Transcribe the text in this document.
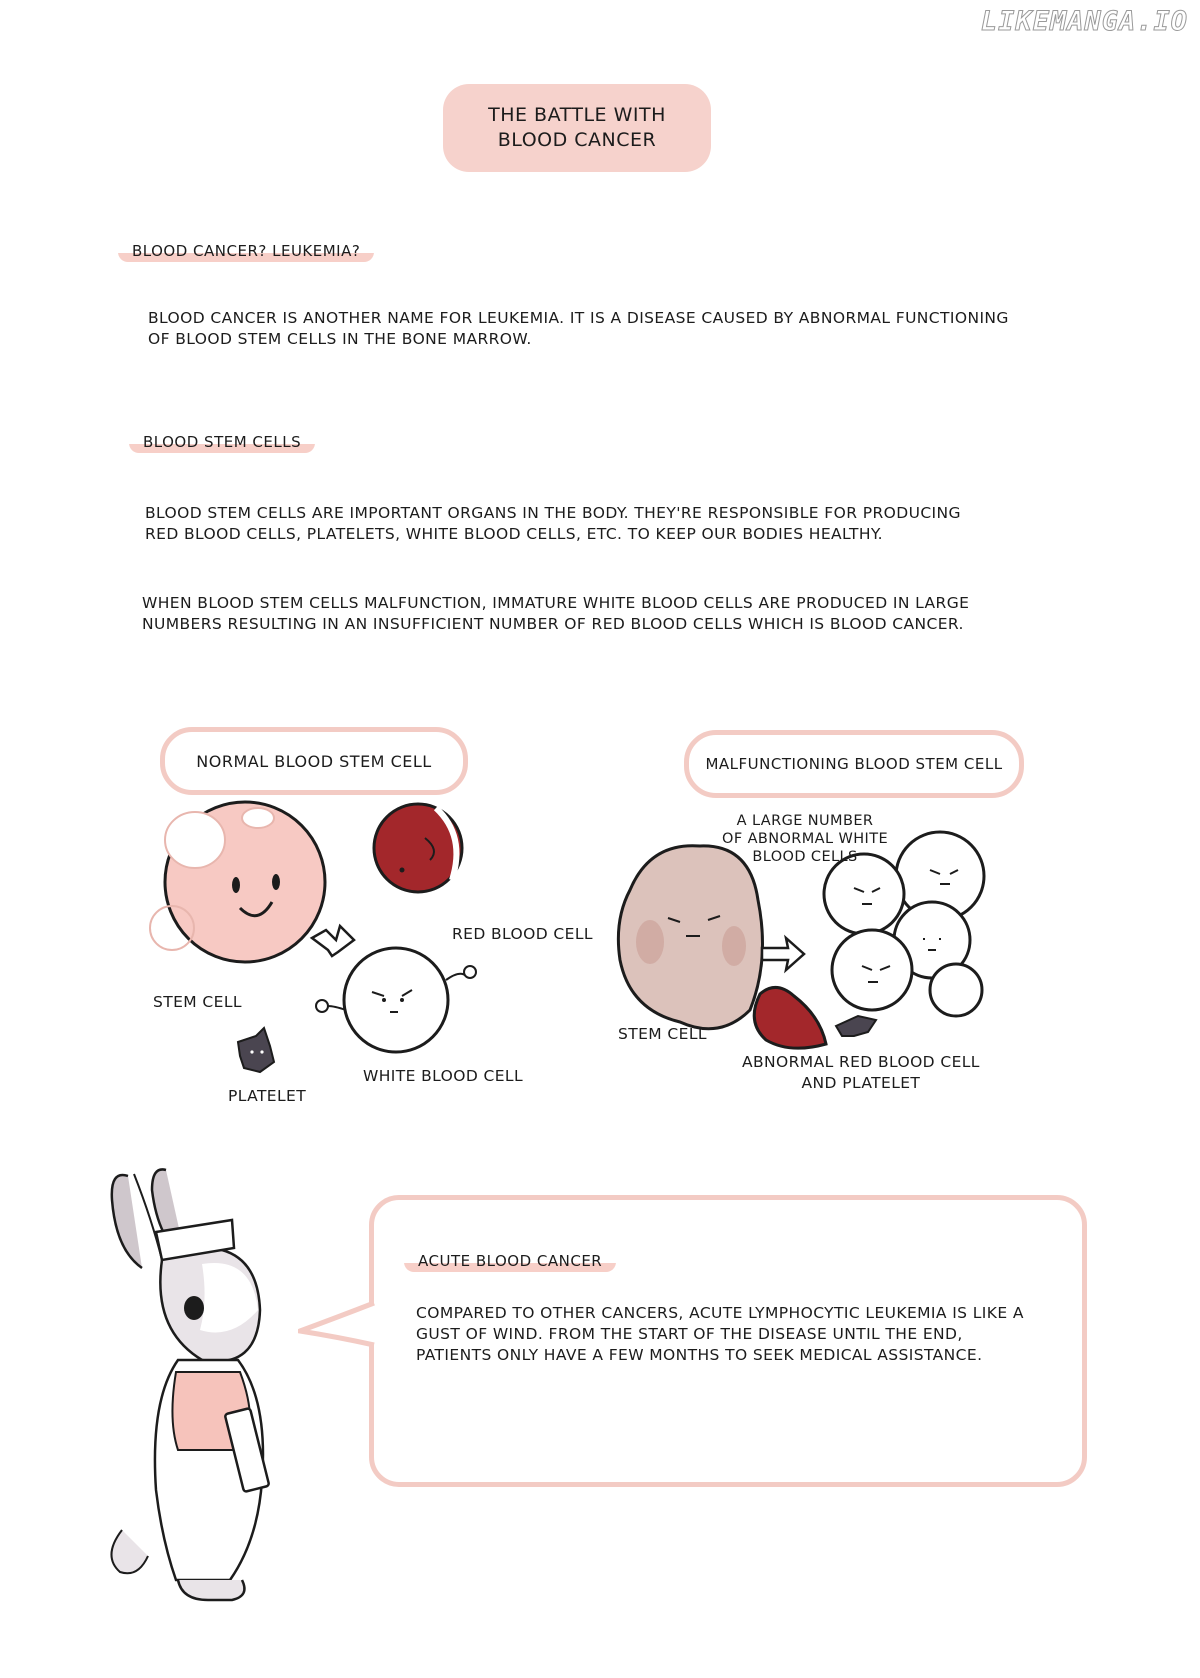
LIKEMANGA.IO
THE BATTLE WITH
BLOOD CANCER
BLOOD CANCER? LEUKEMIA?

BLOOD CANCER IS ANOTHER NAME FOR LEUKEMIA. IT IS A DISEASE CAUSED BY ABNORMAL FUNCTIONING OF BLOOD STEM CELLS IN THE BONE MARROW.

BLOOD STEM CELLS

BLOOD STEM CELLS ARE IMPORTANT ORGANS IN THE BODY. THEY'RE RESPONSIBLE FOR PRODUCING RED BLOOD CELLS, PLATELETS, WHITE BLOOD CELLS, ETC. TO KEEP OUR BODIES HEALTHY.

WHEN BLOOD STEM CELLS MALFUNCTION, IMMATURE WHITE BLOOD CELLS ARE PRODUCED IN LARGE NUMBERS RESULTING IN AN INSUFFICIENT NUMBER OF RED BLOOD CELLS WHICH IS BLOOD CANCER.

NORMAL BLOOD STEM CELL	MALFUNCTIONING BLOOD STEM CELL
RED BLOOD CELL
STEM CELL
WHITE BLOOD CELL
PLATELET
A LARGE NUMBER
OF ABNORMAL WHITE
BLOOD CELLS
STEM CELL
ABNORMAL RED BLOOD CELL
AND PLATELET
ACUTE BLOOD CANCER

COMPARED TO OTHER CANCERS, ACUTE LYMPHOCYTIC LEUKEMIA IS LIKE A GUST OF WIND. FROM THE START OF THE DISEASE UNTIL THE END, PATIENTS ONLY HAVE A FEW MONTHS TO SEEK MEDICAL ASSISTANCE.
